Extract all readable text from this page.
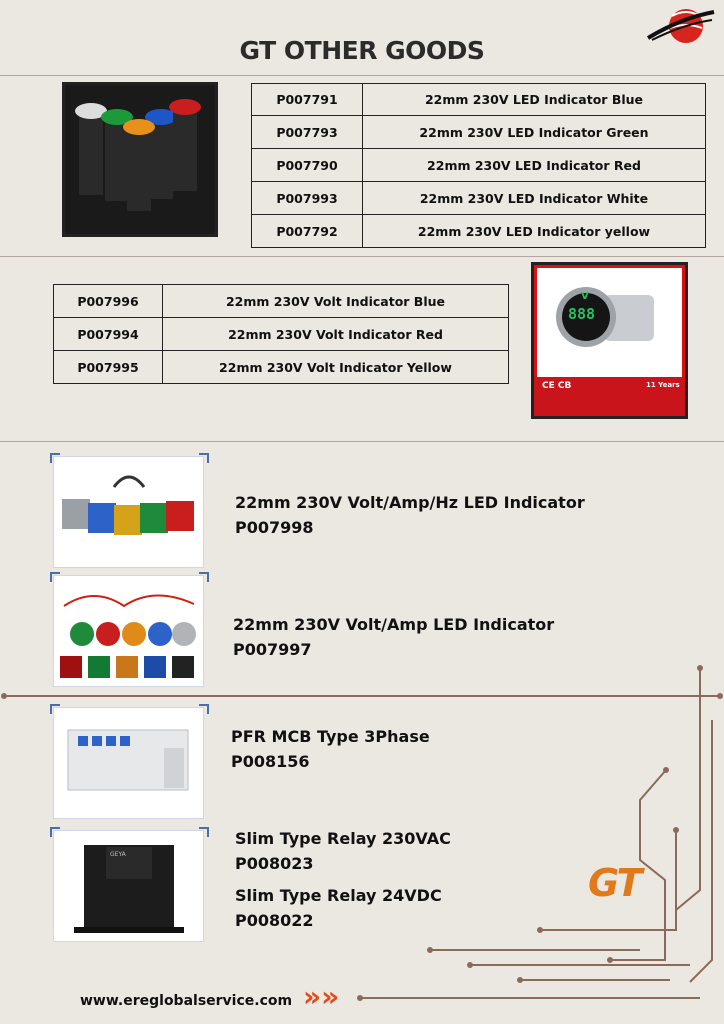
GT OTHER GOODS
P007791	22mm 230V LED Indicator Blue
P007793	22mm 230V LED Indicator Green
P007790	22mm 230V LED Indicator Red
P007993	22mm 230V LED Indicator White
P007792	22mm 230V LED Indicator yellow
P007996	22mm 230V Volt Indicator Blue
P007994	22mm 230V Volt Indicator Red
P007995	22mm 230V Volt Indicator Yellow
V
888
CE CB	11 Years
22mm 230V Volt/Amp/Hz LED Indicator
P007998
22mm 230V Volt/Amp LED Indicator
P007997
PFR MCB Type 3Phase
P008156
GEYA
Slim Type Relay 230VAC
P008023
Slim Type Relay 24VDC
P008022
GT
www.ereglobalservice.com »»
